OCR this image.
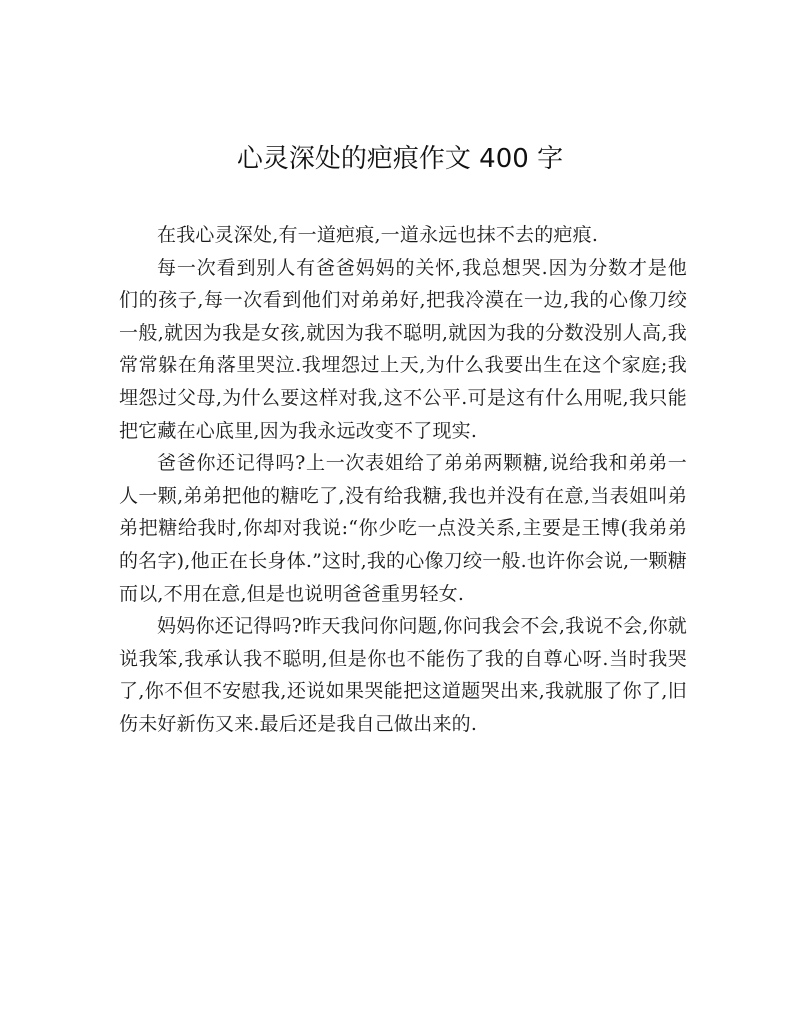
心灵深处的疤痕作文 400 字

在我心灵深处,有一道疤痕,一道永远也抹不去的疤痕.

每一次看到别人有爸爸妈妈的关怀,我总想哭.因为分数才是他们的孩子,每一次看到他们对弟弟好,把我冷漠在一边,我的心像刀绞一般,就因为我是女孩,就因为我不聪明,就因为我的分数没别人高,我常常躲在角落里哭泣.我埋怨过上天,为什么我要出生在这个家庭;我埋怨过父母,为什么要这样对我,这不公平.可是这有什么用呢,我只能把它藏在心底里,因为我永远改变不了现实.

爸爸你还记得吗?上一次表姐给了弟弟两颗糖,说给我和弟弟一人一颗,弟弟把他的糖吃了,没有给我糖,我也并没有在意,当表姐叫弟弟把糖给我时,你却对我说:“你少吃一点没关系,主要是王博(我弟弟的名字),他正在长身体.”这时,我的心像刀绞一般.也许你会说,一颗糖而以,不用在意,但是也说明爸爸重男轻女.

妈妈你还记得吗?昨天我问你问题,你问我会不会,我说不会,你就说我笨,我承认我不聪明,但是你也不能伤了我的自尊心呀.当时我哭了,你不但不安慰我,还说如果哭能把这道题哭出来,我就服了你了,旧伤未好新伤又来.最后还是我自己做出来的.
